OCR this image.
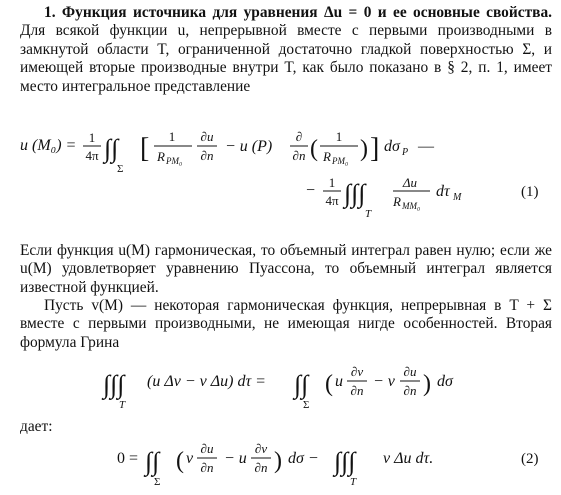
1. Функция источника для уравнения Δu = 0 и ее основные свойства. Для всякой функции u, непрерывной вместе с первыми производными в замкнутой области T, ограниченной достаточно гладкой поверхностью Σ, и имеющей вторые производные внутри T, как было показано в § 2, п. 1, имеет место интегральное представление
u (M₀) = 1
4π ∫∫
Σ
[ 1
R PM₀
∂u
∂n
− u (P)
∂
∂n ( 1
R PM₀ ) ] dσ P —
− 1
4π ∫∫∫
T
Δu
R MM₀
dτ M	(1)
∫∫∫
T
(u Δv − v Δu) dτ = ∫∫
Σ
( u
∂v
∂n
− v
∂u
∂n ) dσ
0 = ∫∫
Σ
( v
∂u
∂n
− u
∂v
∂n ) dσ − ∫∫∫
T
v Δu dτ.	(2)
Если функция u(M) гармоническая, то объемный интеграл равен нулю; если же u(M) удовлетворяет уравнению Пуассона, то объемный интеграл является известной функцией.
Пусть v(M) — некоторая гармоническая функция, непрерывная в T + Σ вместе с первыми производными, не имеющая нигде особенностей. Вторая формула Грина
дает:
